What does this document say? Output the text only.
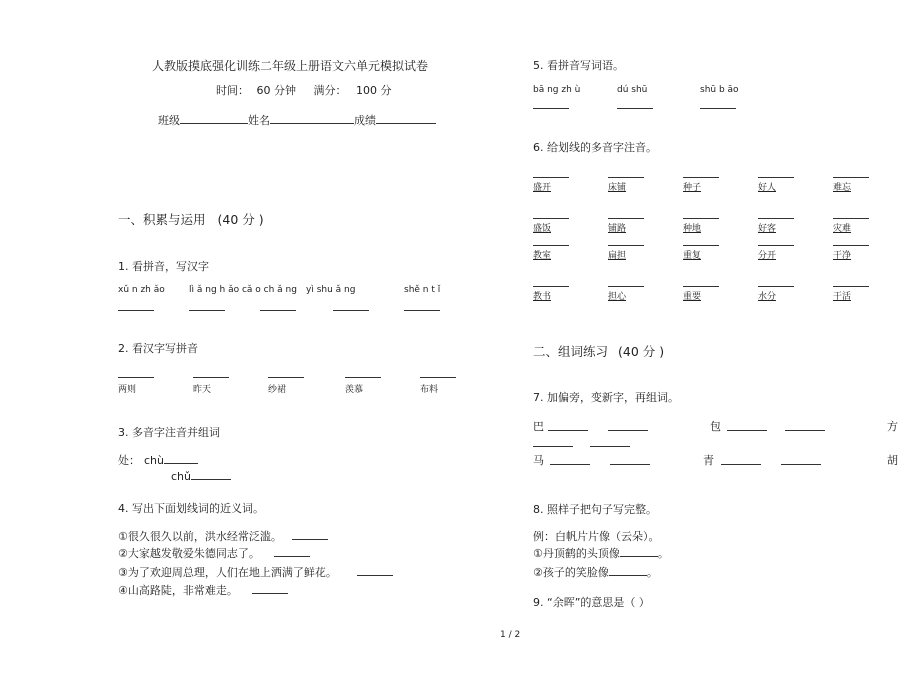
人教版摸底强化训练二年级上册语文六单元模拟试卷
时间： 60 分钟 满分： 100 分
班级	姓名	成绩
一、积累与运用 (40 分 )
1. 看拼音，写汉字
xǔ n zh ǎo	lì ǎ ng h ǎo cǎ o ch ǎ ng yì shu ǎ ng	shě n t ǐ
2. 看汉字写拼音
两则	昨天	纱裙	羡慕	布料
3. 多音字注音并组词
处： chù
chǔ
4. 写出下面划线词的近义词。
①很久很久以前，洪水经常泛滥。
②大家越发敬爱朱德同志了。
③为了欢迎周总理，人们在地上洒满了鲜花。
④山高路陡，非常难走。
5. 看拼音写词语。
bā ng zh ù	dú shū	shū b āo
6. 给划线的多音字注音。
盛开	床铺	种子	好人	难忘
盛饭	铺路	种地	好客	灾难
教室	扁担	重复	分开	干净
教书	担心	重要	水分	干活
二、组词练习 (40 分 )
7. 加偏旁，变新字，再组词。
巴	包	方
马	青	胡
8. 照样子把句子写完整。
例：白帆片片像（云朵）。
①丹顶鹤的头顶像	。
②孩子的笑脸像	。
9. “余晖”的意思是（ ）
1 / 2
